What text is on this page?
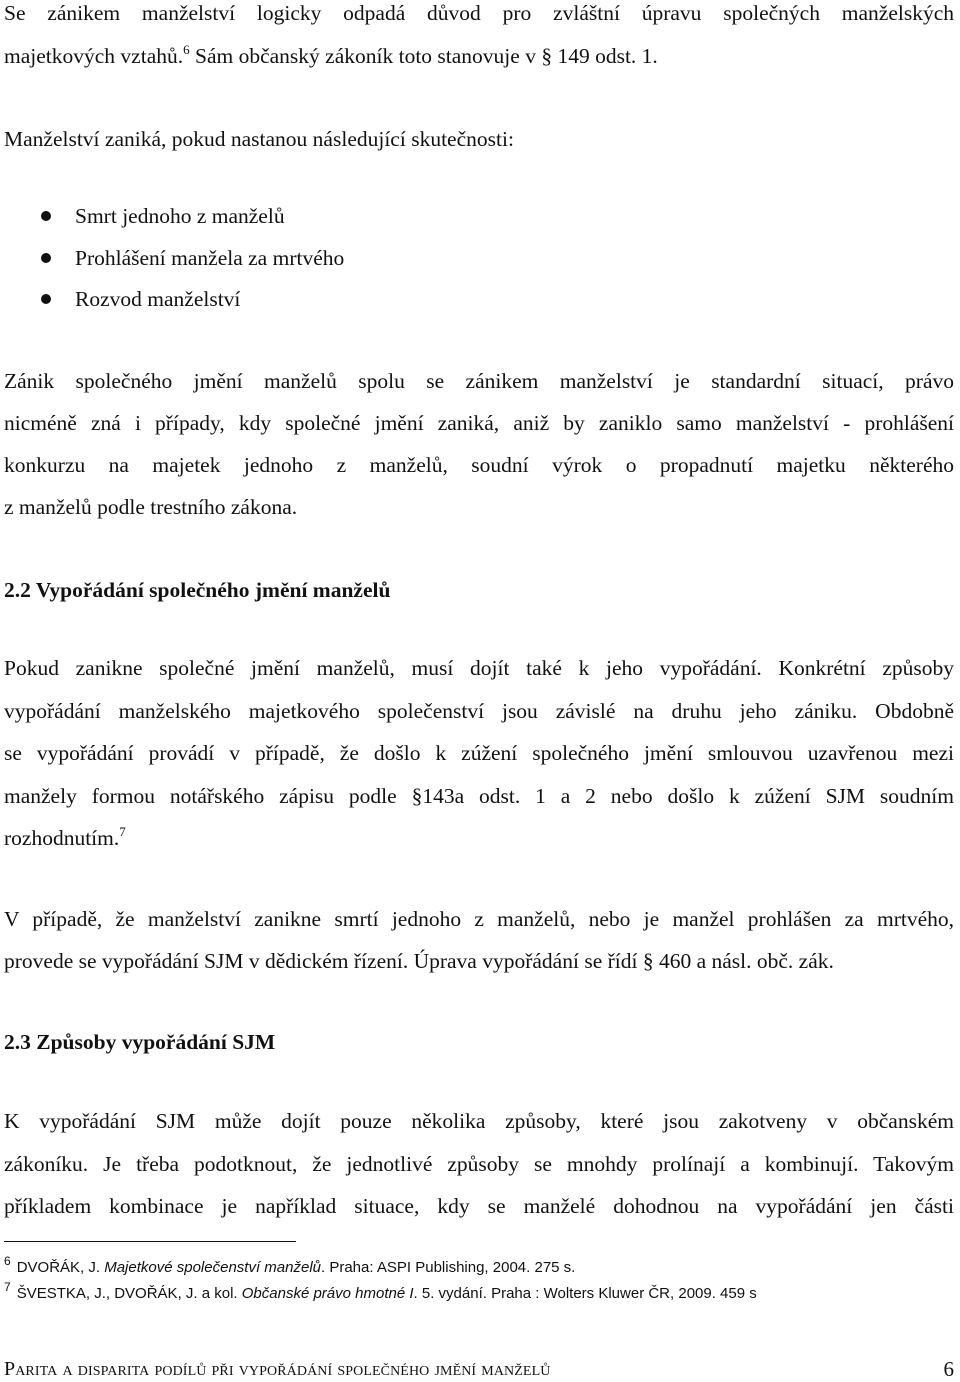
Se zánikem manželství logicky odpadá důvod pro zvláštní úpravu společných manželských
majetkových vztahů.$^6$ Sám občanský zákoník toto stanovuje v § 149 odst. 1.
Manželství zaniká, pokud nastanou následující skutečnosti:
Smrt jednoho z manželů
Prohlášení manžela za mrtvého
Rozvod manželství
Zánik společného jmění manželů spolu se zánikem manželství je standardní situací, právo
nicméně zná i případy, kdy společné jmění zaniká, aniž by zaniklo samo manželství - prohlášení
konkurzu na majetek jednoho z manželů, soudní výrok o propadnutí majetku některého
z manželů podle trestního zákona.
2.2 Vypořádání společného jmění manželů
Pokud zanikne společné jmění manželů, musí dojít také k jeho vypořádání. Konkrétní způsoby
vypořádání manželského majetkového společenství jsou závislé na druhu jeho zániku. Obdobně
se vypořádání provádí v případě, že došlo k zúžení společného jmění smlouvou uzavřenou mezi
manžely formou notářského zápisu podle §143a odst. 1 a 2 nebo došlo k zúžení SJM soudním
rozhodnutím.$^7$
V případě, že manželství zanikne smrtí jednoho z manželů, nebo je manžel prohlášen za mrtvého,
provede se vypořádání SJM v dědickém řízení. Úprava vypořádání se řídí § 460 a násl. obč. zák.
2.3 Způsoby vypořádání SJM
K vypořádání SJM může dojít pouze několika způsoby, které jsou zakotveny v občanském
zákoníku. Je třeba podotknout, že jednotlivé způsoby se mnohdy prolínají a kombinují. Takovým
příkladem kombinace je například situace, kdy se manželé dohodnou na vypořádání jen části
$^6$ DVOŘÁK, J. Majetkové společenství manželů. Praha: ASPI Publishing, 2004. 275 s.
$^7$ ŠVESTKA, J., DVOŘÁK, J. a kol. Občanské právo hmotné I. 5. vydání. Praha : Wolters Kluwer ČR, 2009. 459 s
Parita a disparita podílů při vypořádání společného jmění manželů	6
